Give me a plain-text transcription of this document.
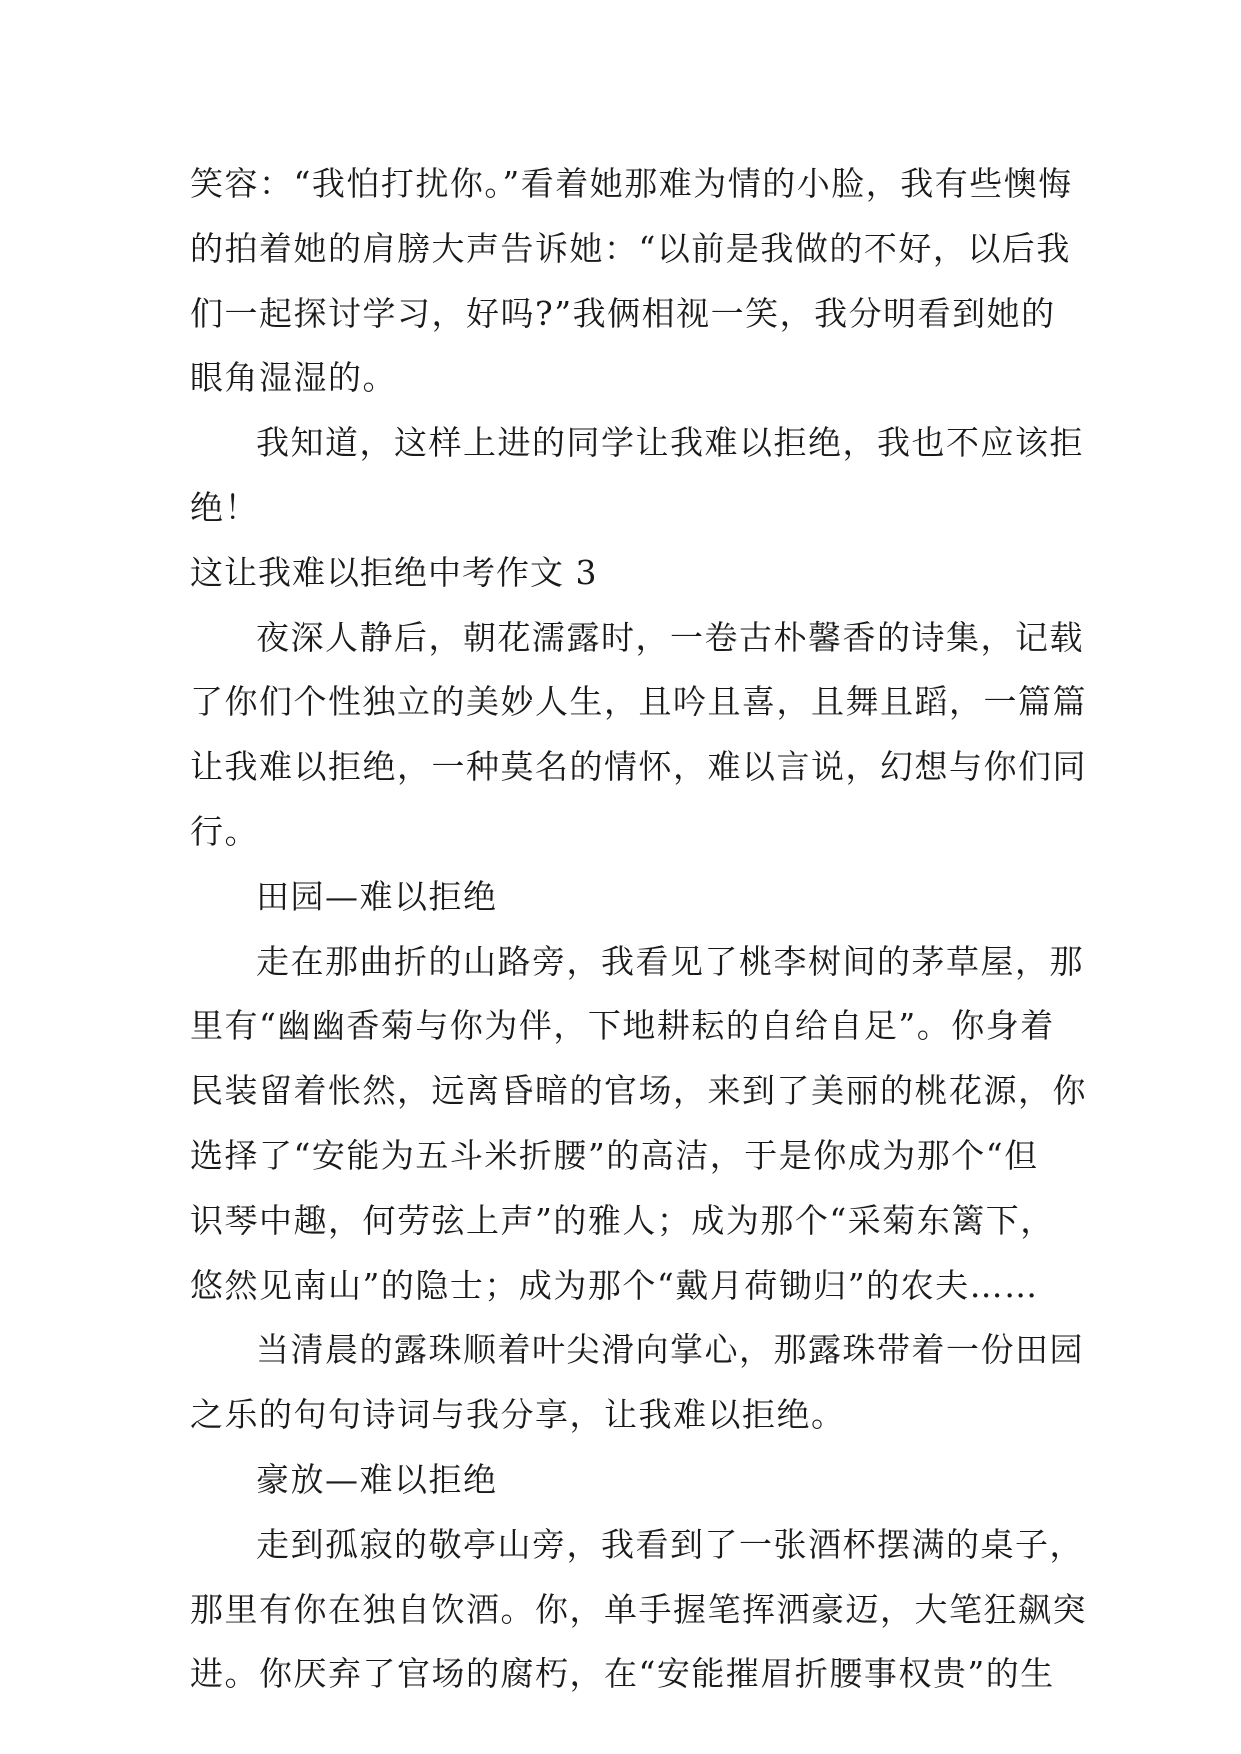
笑容：“我怕打扰你。”看着她那难为情的小脸，我有些懊悔
的拍着她的肩膀大声告诉她：“以前是我做的不好，以后我
们一起探讨学习，好吗?”我俩相视一笑，我分明看到她的
眼角湿湿的。
我知道，这样上进的同学让我难以拒绝，我也不应该拒
绝！
这让我难以拒绝中考作文 3
夜深人静后，朝花濡露时，一卷古朴馨香的诗集，记载
了你们个性独立的美妙人生，且吟且喜，且舞且蹈，一篇篇
让我难以拒绝，一种莫名的情怀，难以言说，幻想与你们同
行。
田园—难以拒绝
走在那曲折的山路旁，我看见了桃李树间的茅草屋，那
里有“幽幽香菊与你为伴，下地耕耘的自给自足”。你身着
民装留着怅然，远离昏暗的官场，来到了美丽的桃花源，你
选择了“安能为五斗米折腰”的高洁，于是你成为那个“但
识琴中趣，何劳弦上声”的雅人；成为那个“采菊东篱下，
悠然见南山”的隐士；成为那个“戴月荷锄归”的农夫……
当清晨的露珠顺着叶尖滑向掌心，那露珠带着一份田园
之乐的句句诗词与我分享，让我难以拒绝。
豪放—难以拒绝
走到孤寂的敬亭山旁，我看到了一张酒杯摆满的桌子，
那里有你在独自饮酒。你，单手握笔挥洒豪迈，大笔狂飙突
进。你厌弃了官场的腐朽，在“安能摧眉折腰事权贵”的生
